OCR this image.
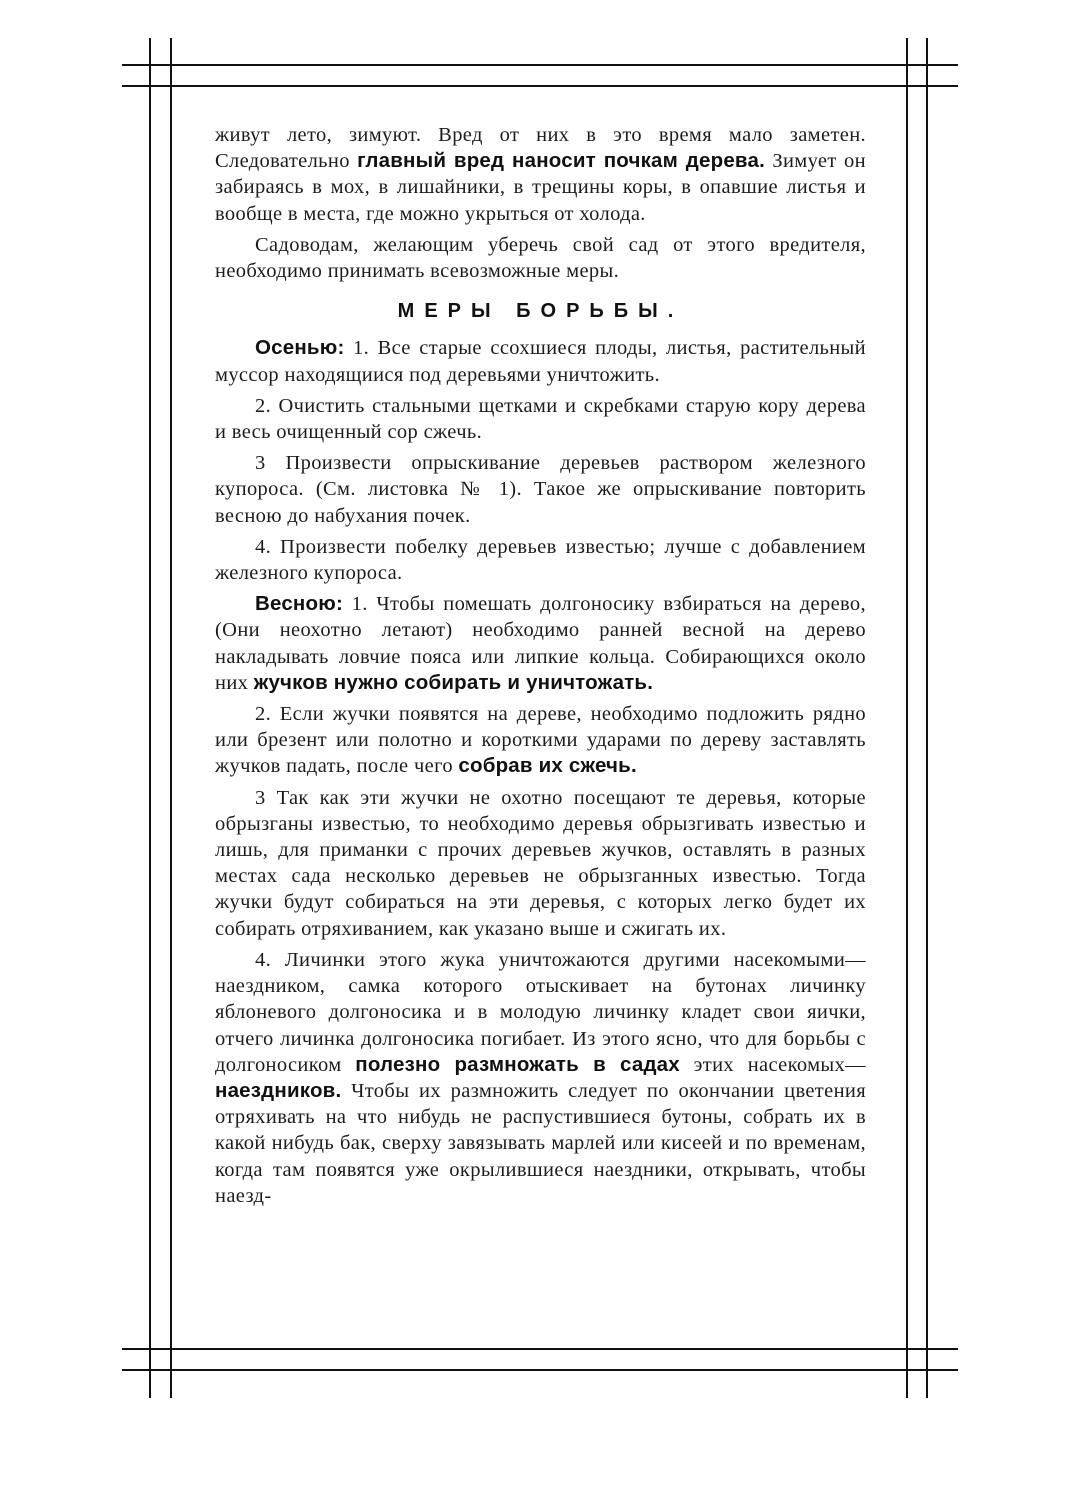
живут лето, зимуют. Вред от них в это время мало заметен. Следовательно главный вред наносит почкам дерева. Зимует он забираясь в мох, в лишайники, в трещины коры, в опавшие листья и вообще в места, где можно укрыться от холода.

Садоводам, желающим уберечь свой сад от этого вредителя, необходимо принимать всевозможные меры.

МЕРЫ БОРЬБЫ.

Осенью: 1. Все старые ссохшиеся плоды, листья, растительный муссор находящиися под деревьями уничтожить.

2. Очистить стальными щетками и скребками старую кору дерева и весь очищенный сор сжечь.

3 Произвести опрыскивание деревьев раствором железного купороса. (См. листовка № 1). Такое же опрыскивание повторить весною до набухания почек.

4. Произвести побелку деревьев известью; лучше с добавлением железного купороса.

Весною: 1. Чтобы помешать долгоносику взбираться на дерево, (Они неохотно летают) необходимо ранней весной на дерево накладывать ловчие пояса или липкие кольца. Собирающихся около них жучков нужно собирать и уничтожать.

2. Если жучки появятся на дереве, необходимо подложить рядно или брезент или полотно и короткими ударами по дереву заставлять жучков падать, после чего собрав их сжечь.

3 Так как эти жучки не охотно посещают те деревья, которые обрызганы известью, то необходимо деревья обрызгивать известью и лишь, для приманки с прочих деревьев жучков, оставлять в разных местах сада несколько деревьев не обрызганных известью. Тогда жучки будут собираться на эти деревья, с которых легко будет их собирать отряхиванием, как указано выше и сжигать их.

4. Личинки этого жука уничтожаются другими насекомыми—наездником, самка которого отыскивает на бутонах личинку яблоневого долгоносика и в молодую личинку кладет свои яички, отчего личинка долгоносика погибает. Из этого ясно, что для борьбы с долгоносиком полезно размножать в садах этих насекомых—наездников. Чтобы их размножить следует по окончании цветения отряхивать на что нибудь не распустившиеся бутоны, собрать их в какой нибудь бак, сверху завязывать марлей или кисеей и по временам, когда там появятся уже окрылившиеся наездники, открывать, чтобы наезд-
